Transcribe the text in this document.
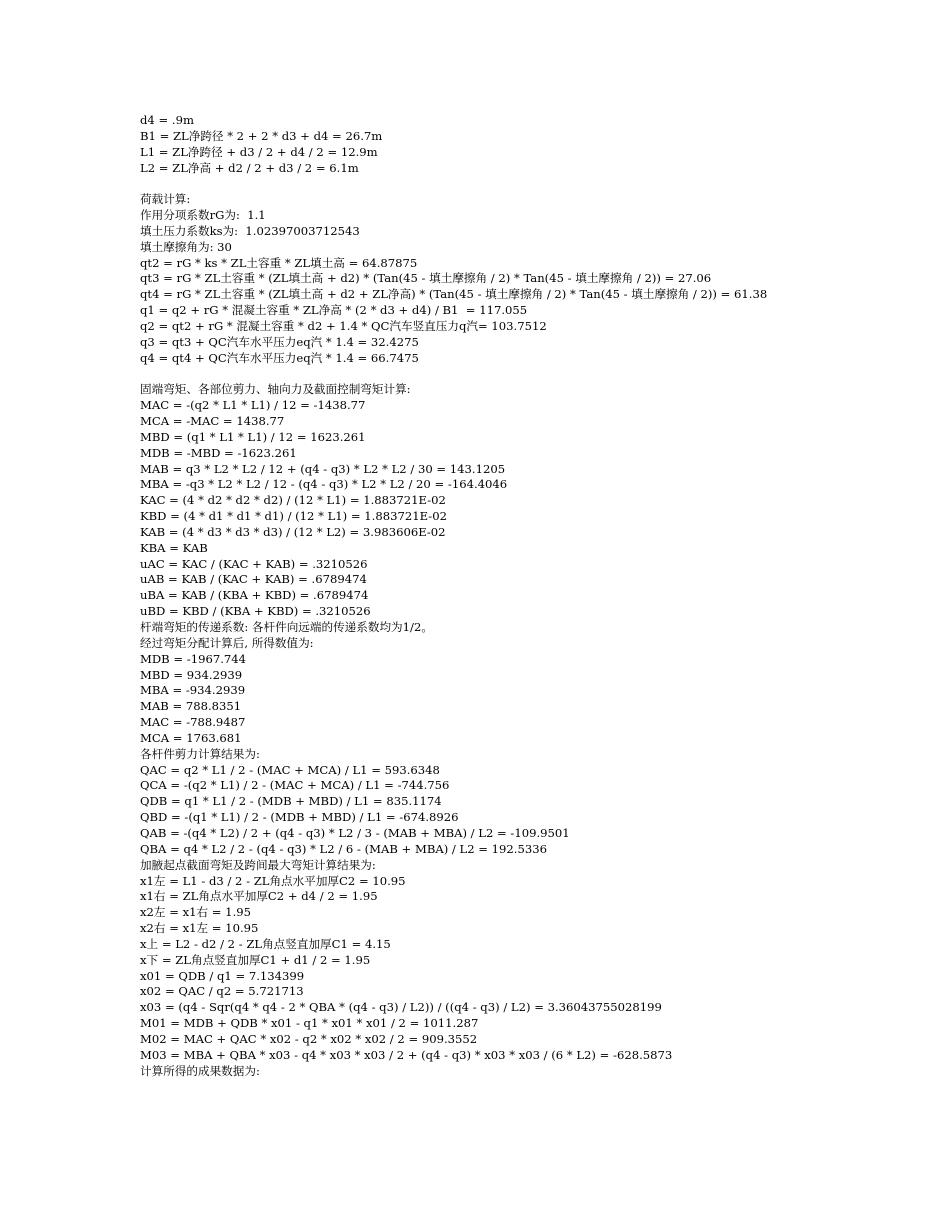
d4 = .9m
B1 = ZL净跨径 * 2 + 2 * d3 + d4 = 26.7m
L1 = ZL净跨径 + d3 / 2 + d4 / 2 = 12.9m
L2 = ZL净高 + d2 / 2 + d3 / 2 = 6.1m
荷载计算:
作用分项系数rG为:  1.1
填土压力系数ks为:  1.02397003712543
填土摩擦角为: 30
qt2 = rG * ks * ZL土容重 * ZL填土高 = 64.87875
qt3 = rG * ZL土容重 * (ZL填土高 + d2) * (Tan(45 - 填土摩擦角 / 2) * Tan(45 - 填土摩擦角 / 2)) = 27.06
qt4 = rG * ZL土容重 * (ZL填土高 + d2 + ZL净高) * (Tan(45 - 填土摩擦角 / 2) * Tan(45 - 填土摩擦角 / 2)) = 61.38
q1 = q2 + rG * 混凝土容重 * ZL净高 * (2 * d3 + d4) / B1  = 117.055
q2 = qt2 + rG * 混凝土容重 * d2 + 1.4 * QC汽车竖直压力q汽= 103.7512
q3 = qt3 + QC汽车水平压力eq汽 * 1.4 = 32.4275
q4 = qt4 + QC汽车水平压力eq汽 * 1.4 = 66.7475
固端弯矩、各部位剪力、轴向力及截面控制弯矩计算:
MAC = -(q2 * L1 * L1) / 12 = -1438.77
MCA = -MAC = 1438.77
MBD = (q1 * L1 * L1) / 12 = 1623.261
MDB = -MBD = -1623.261
MAB = q3 * L2 * L2 / 12 + (q4 - q3) * L2 * L2 / 30 = 143.1205
MBA = -q3 * L2 * L2 / 12 - (q4 - q3) * L2 * L2 / 20 = -164.4046
KAC = (4 * d2 * d2 * d2) / (12 * L1) = 1.883721E-02
KBD = (4 * d1 * d1 * d1) / (12 * L1) = 1.883721E-02
KAB = (4 * d3 * d3 * d3) / (12 * L2) = 3.983606E-02
KBA = KAB
uAC = KAC / (KAC + KAB) = .3210526
uAB = KAB / (KAC + KAB) = .6789474
uBA = KAB / (KBA + KBD) = .6789474
uBD = KBD / (KBA + KBD) = .3210526
杆端弯矩的传递系数: 各杆件向远端的传递系数均为1/2。
经过弯矩分配计算后, 所得数值为:
MDB = -1967.744
MBD = 934.2939
MBA = -934.2939
MAB = 788.8351
MAC = -788.9487
MCA = 1763.681
各杆件剪力计算结果为:
QAC = q2 * L1 / 2 - (MAC + MCA) / L1 = 593.6348
QCA = -(q2 * L1) / 2 - (MAC + MCA) / L1 = -744.756
QDB = q1 * L1 / 2 - (MDB + MBD) / L1 = 835.1174
QBD = -(q1 * L1) / 2 - (MDB + MBD) / L1 = -674.8926
QAB = -(q4 * L2) / 2 + (q4 - q3) * L2 / 3 - (MAB + MBA) / L2 = -109.9501
QBA = q4 * L2 / 2 - (q4 - q3) * L2 / 6 - (MAB + MBA) / L2 = 192.5336
加腋起点截面弯矩及跨间最大弯矩计算结果为:
x1左 = L1 - d3 / 2 - ZL角点水平加厚C2 = 10.95
x1右 = ZL角点水平加厚C2 + d4 / 2 = 1.95
x2左 = x1右 = 1.95
x2右 = x1左 = 10.95
x上 = L2 - d2 / 2 - ZL角点竖直加厚C1 = 4.15
x下 = ZL角点竖直加厚C1 + d1 / 2 = 1.95
x01 = QDB / q1 = 7.134399
x02 = QAC / q2 = 5.721713
x03 = (q4 - Sqr(q4 * q4 - 2 * QBA * (q4 - q3) / L2)) / ((q4 - q3) / L2) = 3.36043755028199
M01 = MDB + QDB * x01 - q1 * x01 * x01 / 2 = 1011.287
M02 = MAC + QAC * x02 - q2 * x02 * x02 / 2 = 909.3552
M03 = MBA + QBA * x03 - q4 * x03 * x03 / 2 + (q4 - q3) * x03 * x03 / (6 * L2) = -628.5873
计算所得的成果数据为:
